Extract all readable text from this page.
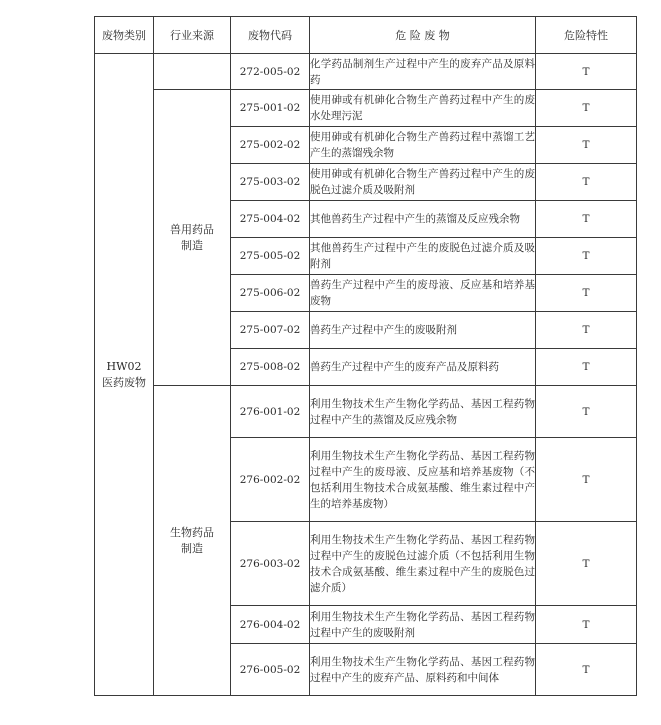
废物类别	行业来源	废物代码	危 险 废 物	危险特性

HW02
医药废物		272-005-02	化学药品制剂生产过程中产生的废弃产品及原料药	T
	兽用药品制造	275-001-02	使用砷或有机砷化合物生产兽药过程中产生的废水处理污泥	T
		275-002-02	使用砷或有机砷化合物生产兽药过程中蒸馏工艺产生的蒸馏残余物	T
		275-003-02	使用砷或有机砷化合物生产兽药过程中产生的废脱色过滤介质及吸附剂	T
		275-004-02	其他兽药生产过程中产生的蒸馏及反应残余物	T
		275-005-02	其他兽药生产过程中产生的废脱色过滤介质及吸附剂	T
		275-006-02	兽药生产过程中产生的废母液、反应基和培养基废物	T
		275-007-02	兽药生产过程中产生的废吸附剂	T
		275-008-02	兽药生产过程中产生的废弃产品及原料药	T
	生物药品制造	276-001-02	利用生物技术生产生物化学药品、基因工程药物过程中产生的蒸馏及反应残余物	T
		276-002-02	利用生物技术生产生物化学药品、基因工程药物过程中产生的废母液、反应基和培养基废物（不包括利用生物技术合成氨基酸、维生素过程中产生的培养基废物）	T
		276-003-02	利用生物技术生产生物化学药品、基因工程药物过程中产生的废脱色过滤介质（不包括利用生物技术合成氨基酸、维生素过程中产生的废脱色过滤介质）	T
		276-004-02	利用生物技术生产生物化学药品、基因工程药物过程中产生的废吸附剂	T
		276-005-02	利用生物技术生产生物化学药品、基因工程药物过程中产生的废弃产品、原料药和中间体	T
